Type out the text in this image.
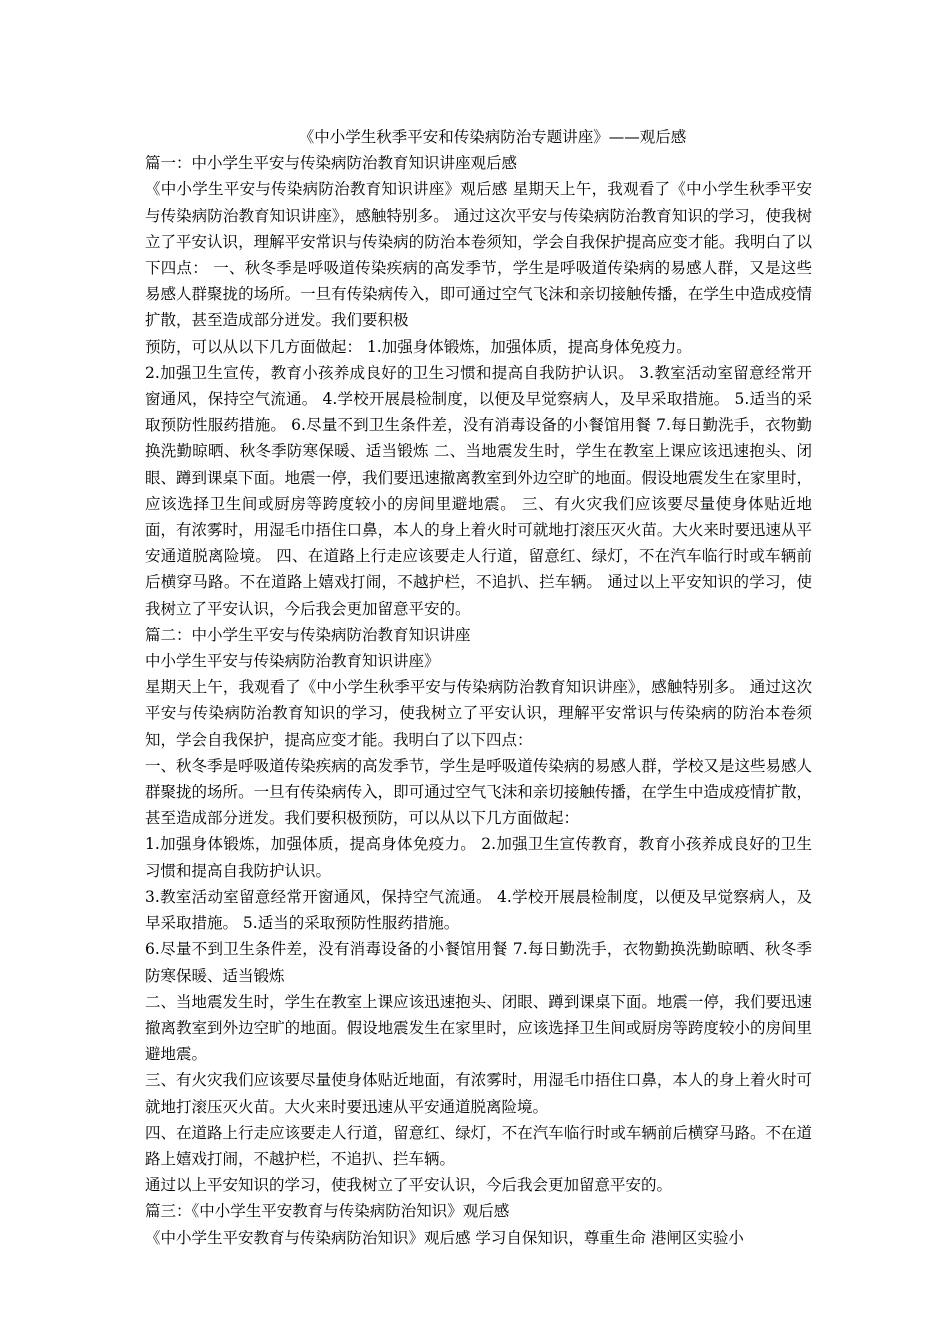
《中小学生秋季平安和传染病防治专题讲座》——观后感

篇一：中小学生平安与传染病防治教育知识讲座观后感

《中小学生平安与传染病防治教育知识讲座》观后感 星期天上午，我观看了《中小学生秋季平安与传染病防治教育知识讲座》，感触特别多。 通过这次平安与传染病防治教育知识的学习，使我树立了平安认识，理解平安常识与传染病的防治本卷须知，学会自我保护提高应变才能。我明白了以下四点： 一、秋冬季是呼吸道传染疾病的高发季节，学生是呼吸道传染病的易感人群，又是这些易感人群聚拢的场所。一旦有传染病传入，即可通过空气飞沫和亲切接触传播，在学生中造成疫情扩散，甚至造成部分迸发。我们要积极

预防，可以从以下几方面做起： 1.加强身体锻炼，加强体质，提高身体免疫力。

2.加强卫生宣传，教育小孩养成良好的卫生习惯和提高自我防护认识。 3.教室活动室留意经常开窗通风，保持空气流通。 4.学校开展晨检制度，以便及早觉察病人，及早采取措施。 5.适当的采取预防性服药措施。 6.尽量不到卫生条件差，没有消毒设备的小餐馆用餐 7.每日勤洗手，衣物勤换洗勤晾晒、秋冬季防寒保暖、适当锻炼 二、当地震发生时，学生在教室上课应该迅速抱头、闭眼、蹲到课桌下面。地震一停，我们要迅速撤离教室到外边空旷的地面。假设地震发生在家里时，应该选择卫生间或厨房等跨度较小的房间里避地震。 三、有火灾我们应该要尽量使身体贴近地面，有浓雾时，用湿毛巾捂住口鼻，本人的身上着火时可就地打滚压灭火苗。大火来时要迅速从平安通道脱离险境。 四、在道路上行走应该要走人行道，留意红、绿灯，不在汽车临行时或车辆前后横穿马路。不在道路上嬉戏打闹，不越护栏，不追扒、拦车辆。 通过以上平安知识的学习，使我树立了平安认识，今后我会更加留意平安的。

篇二：中小学生平安与传染病防治教育知识讲座

中小学生平安与传染病防治教育知识讲座》

星期天上午，我观看了《中小学生秋季平安与传染病防治教育知识讲座》，感触特别多。 通过这次平安与传染病防治教育知识的学习，使我树立了平安认识，理解平安常识与传染病的防治本卷须知，学会自我保护，提高应变才能。我明白了以下四点：

一、秋冬季是呼吸道传染疾病的高发季节，学生是呼吸道传染病的易感人群，学校又是这些易感人群聚拢的场所。一旦有传染病传入，即可通过空气飞沫和亲切接触传播，在学生中造成疫情扩散，甚至造成部分迸发。我们要积极预防，可以从以下几方面做起：

1.加强身体锻炼，加强体质，提高身体免疫力。 2.加强卫生宣传教育，教育小孩养成良好的卫生习惯和提高自我防护认识。

3.教室活动室留意经常开窗通风，保持空气流通。 4.学校开展晨检制度，以便及早觉察病人，及早采取措施。 5.适当的采取预防性服药措施。

6.尽量不到卫生条件差，没有消毒设备的小餐馆用餐 7.每日勤洗手，衣物勤换洗勤晾晒、秋冬季防寒保暖、适当锻炼

二、当地震发生时，学生在教室上课应该迅速抱头、闭眼、蹲到课桌下面。地震一停，我们要迅速撤离教室到外边空旷的地面。假设地震发生在家里时，应该选择卫生间或厨房等跨度较小的房间里避地震。

三、有火灾我们应该要尽量使身体贴近地面，有浓雾时，用湿毛巾捂住口鼻，本人的身上着火时可就地打滚压灭火苗。大火来时要迅速从平安通道脱离险境。

四、在道路上行走应该要走人行道，留意红、绿灯，不在汽车临行时或车辆前后横穿马路。不在道路上嬉戏打闹，不越护栏，不追扒、拦车辆。

通过以上平安知识的学习，使我树立了平安认识，今后我会更加留意平安的。

篇三：《中小学生平安教育与传染病防治知识》观后感

《中小学生平安教育与传染病防治知识》观后感 学习自保知识，尊重生命 港闸区实验小
